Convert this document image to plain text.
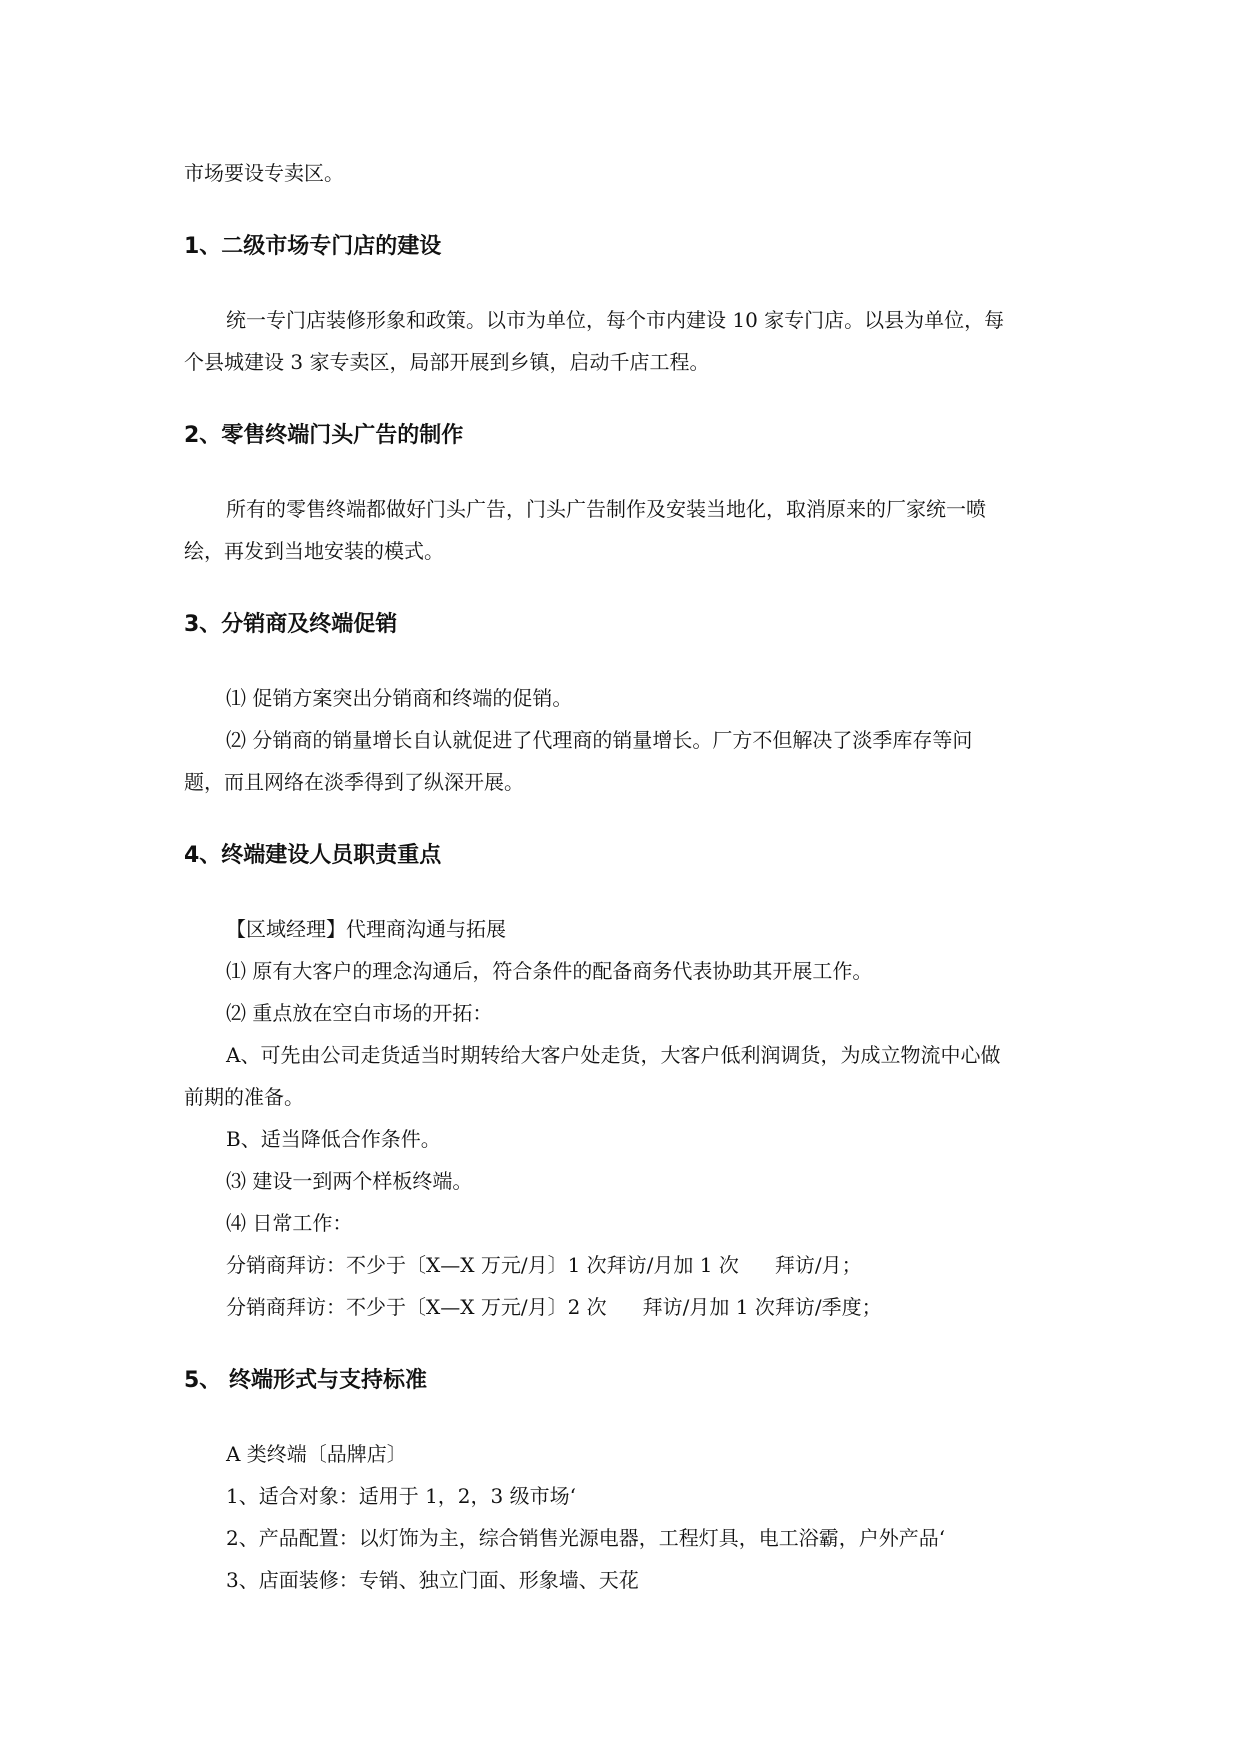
市场要设专卖区。
1、二级市场专门店的建设
统一专门店装修形象和政策。以市为单位，每个市内建设 10 家专门店。以县为单位，每
个县城建设 3 家专卖区，局部开展到乡镇，启动千店工程。
2、零售终端门头广告的制作
所有的零售终端都做好门头广告，门头广告制作及安装当地化，取消原来的厂家统一喷
绘，再发到当地安装的模式。
3、分销商及终端促销
⑴ 促销方案突出分销商和终端的促销。
⑵ 分销商的销量增长自认就促进了代理商的销量增长。厂方不但解决了淡季库存等问
题，而且网络在淡季得到了纵深开展。
4、终端建设人员职责重点
【区域经理】代理商沟通与拓展
⑴ 原有大客户的理念沟通后，符合条件的配备商务代表协助其开展工作。
⑵ 重点放在空白市场的开拓：
A、可先由公司走货适当时期转给大客户处走货，大客户低利润调货，为成立物流中心做
前期的准备。
B、适当降低合作条件。
⑶ 建设一到两个样板终端。
⑷ 日常工作：
分销商拜访：不少于〔X—X 万元/月〕1 次拜访/月加 1 次 拜访/月；
分销商拜访：不少于〔X—X 万元/月〕2 次 拜访/月加 1 次拜访/季度；
5、 终端形式与支持标准
A 类终端〔品牌店〕
1、适合对象：适用于 1，2，3 级市场‘
2、产品配置：以灯饰为主，综合销售光源电器，工程灯具，电工浴霸，户外产品‘
3、店面装修：专销、独立门面、形象墙、天花
